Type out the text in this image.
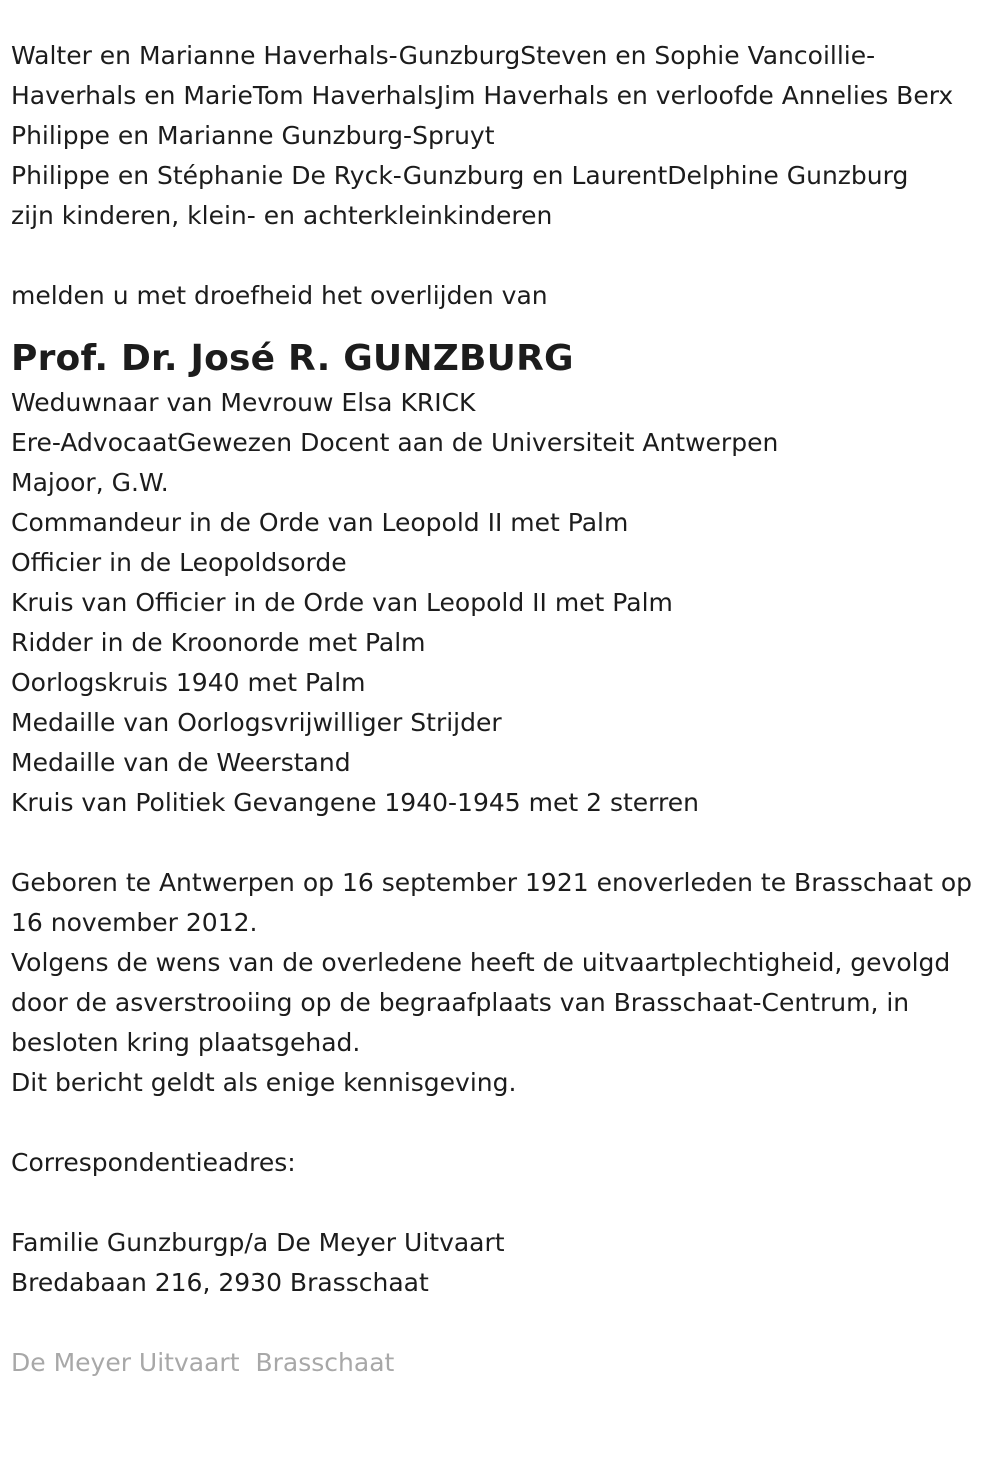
Walter en Marianne Haverhals-GunzburgSteven en Sophie Vancoillie-Haverhals en MarieTom HaverhalsJim Haverhals en verloofde Annelies Berx

Philippe en Marianne Gunzburg-Spruyt

Philippe en Stéphanie De Ryck-Gunzburg en LaurentDelphine Gunzburg

zijn kinderen, klein- en achterkleinkinderen

melden u met droefheid het overlijden van

Prof. Dr. José R. GUNZBURG

Weduwnaar van Mevrouw Elsa KRICK

Ere-AdvocaatGewezen Docent aan de Universiteit Antwerpen

Majoor, G.W.

Commandeur in de Orde van Leopold II met Palm

Officier in de Leopoldsorde

Kruis van Officier in de Orde van Leopold II met Palm

Ridder in de Kroonorde met Palm

Oorlogskruis 1940 met Palm

Medaille van Oorlogsvrijwilliger Strijder

Medaille van de Weerstand

Kruis van Politiek Gevangene 1940-1945 met 2 sterren

Geboren te Antwerpen op 16 september 1921 enoverleden te Brasschaat op 16 november 2012.

Volgens de wens van de overledene heeft de uitvaartplechtigheid, gevolgd door de asverstrooiing op de begraafplaats van Brasschaat-Centrum, in besloten kring plaatsgehad.

Dit bericht geldt als enige kennisgeving.

Correspondentieadres:

Familie Gunzburgp/a De Meyer Uitvaart

Bredabaan 216, 2930 Brasschaat

De Meyer Uitvaart Brasschaat
